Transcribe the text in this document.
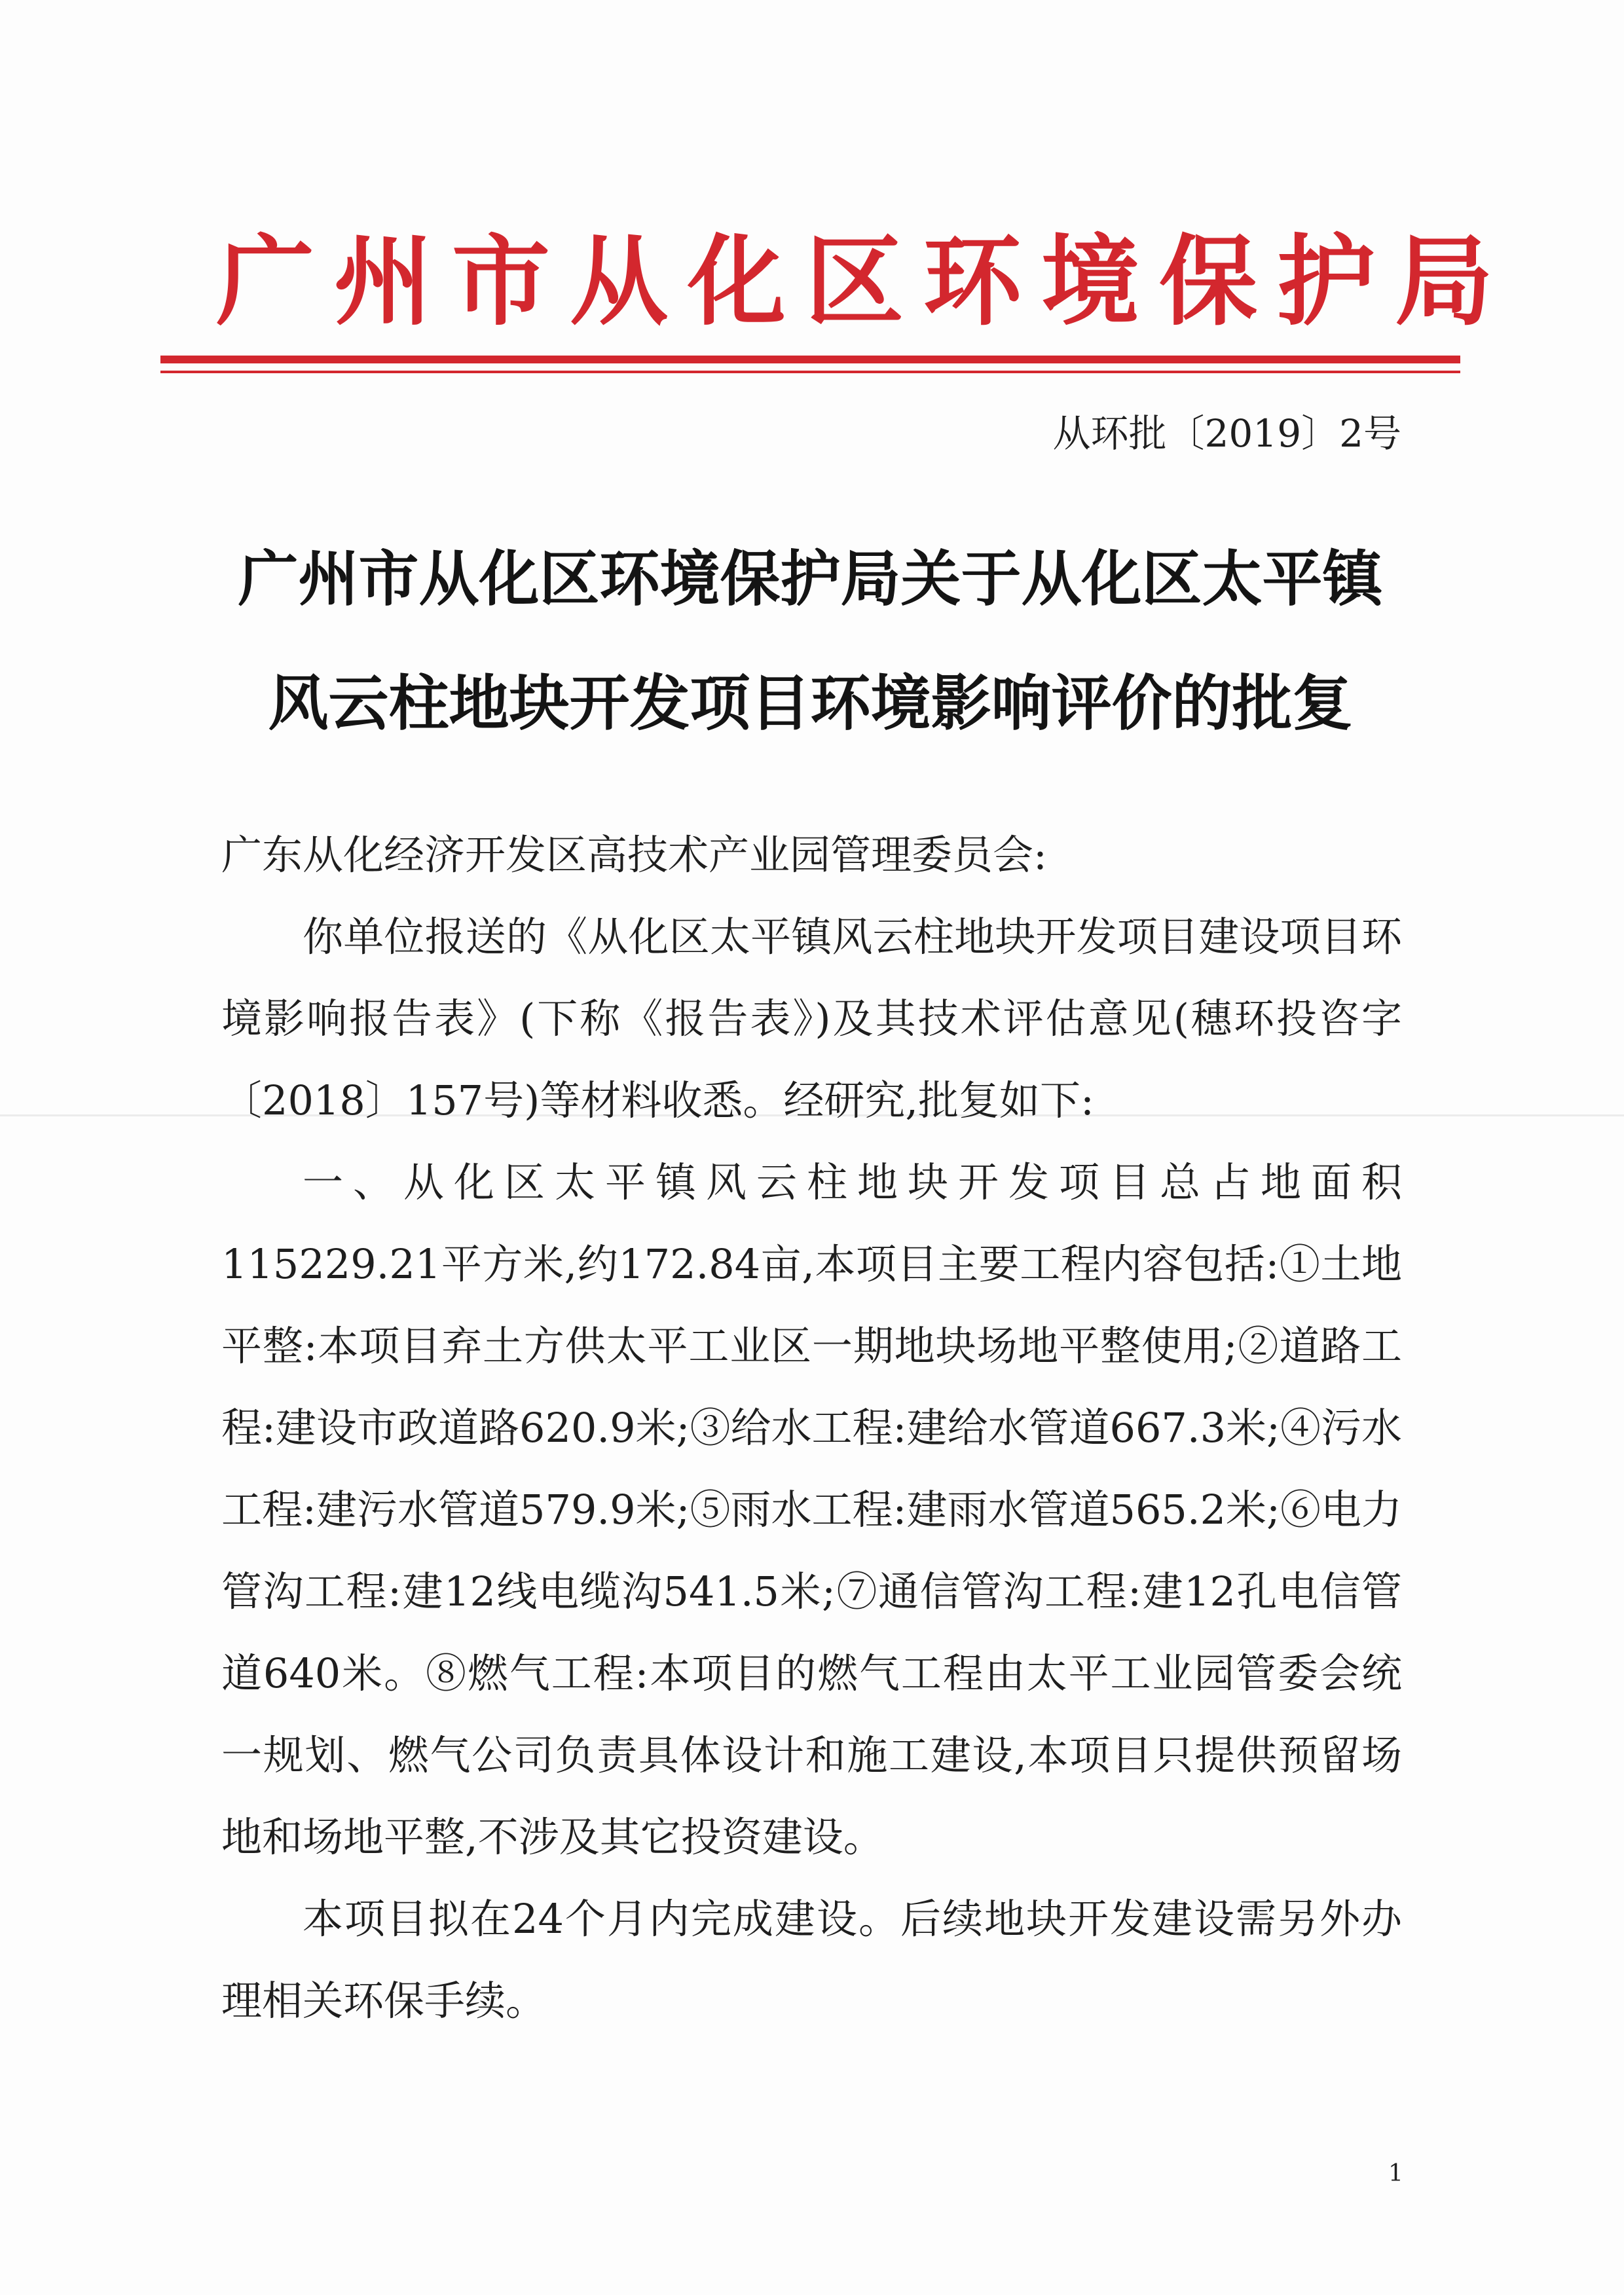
广州市从化区环境保护局
从环批〔2019〕2号
广州市从化区环境保护局关于从化区太平镇
风云柱地块开发项目环境影响评价的批复

广东从化经济开发区高技术产业园管理委员会:

你单位报送的《从化区太平镇风云柱地块开发项目建设项目环境影响报告表》(下称《报告表》)及其技术评估意见(穗环投咨字〔2018〕157号)等材料收悉。经研究,批复如下:

一、从化区太平镇风云柱地块开发项目总占地面积115229.21平方米,约172.84亩,本项目主要工程内容包括:①土地平整:本项目弃土方供太平工业区一期地块场地平整使用;②道路工程:建设市政道路620.9米;③给水工程:建给水管道667.3米;④污水工程:建污水管道579.9米;⑤雨水工程:建雨水管道565.2米;⑥电力管沟工程:建12线电缆沟541.5米;⑦通信管沟工程:建12孔电信管道640米。⑧燃气工程:本项目的燃气工程由太平工业园管委会统一规划、燃气公司负责具体设计和施工建设,本项目只提供预留场地和场地平整,不涉及其它投资建设。

本项目拟在24个月内完成建设。后续地块开发建设需另外办理相关环保手续。

1
